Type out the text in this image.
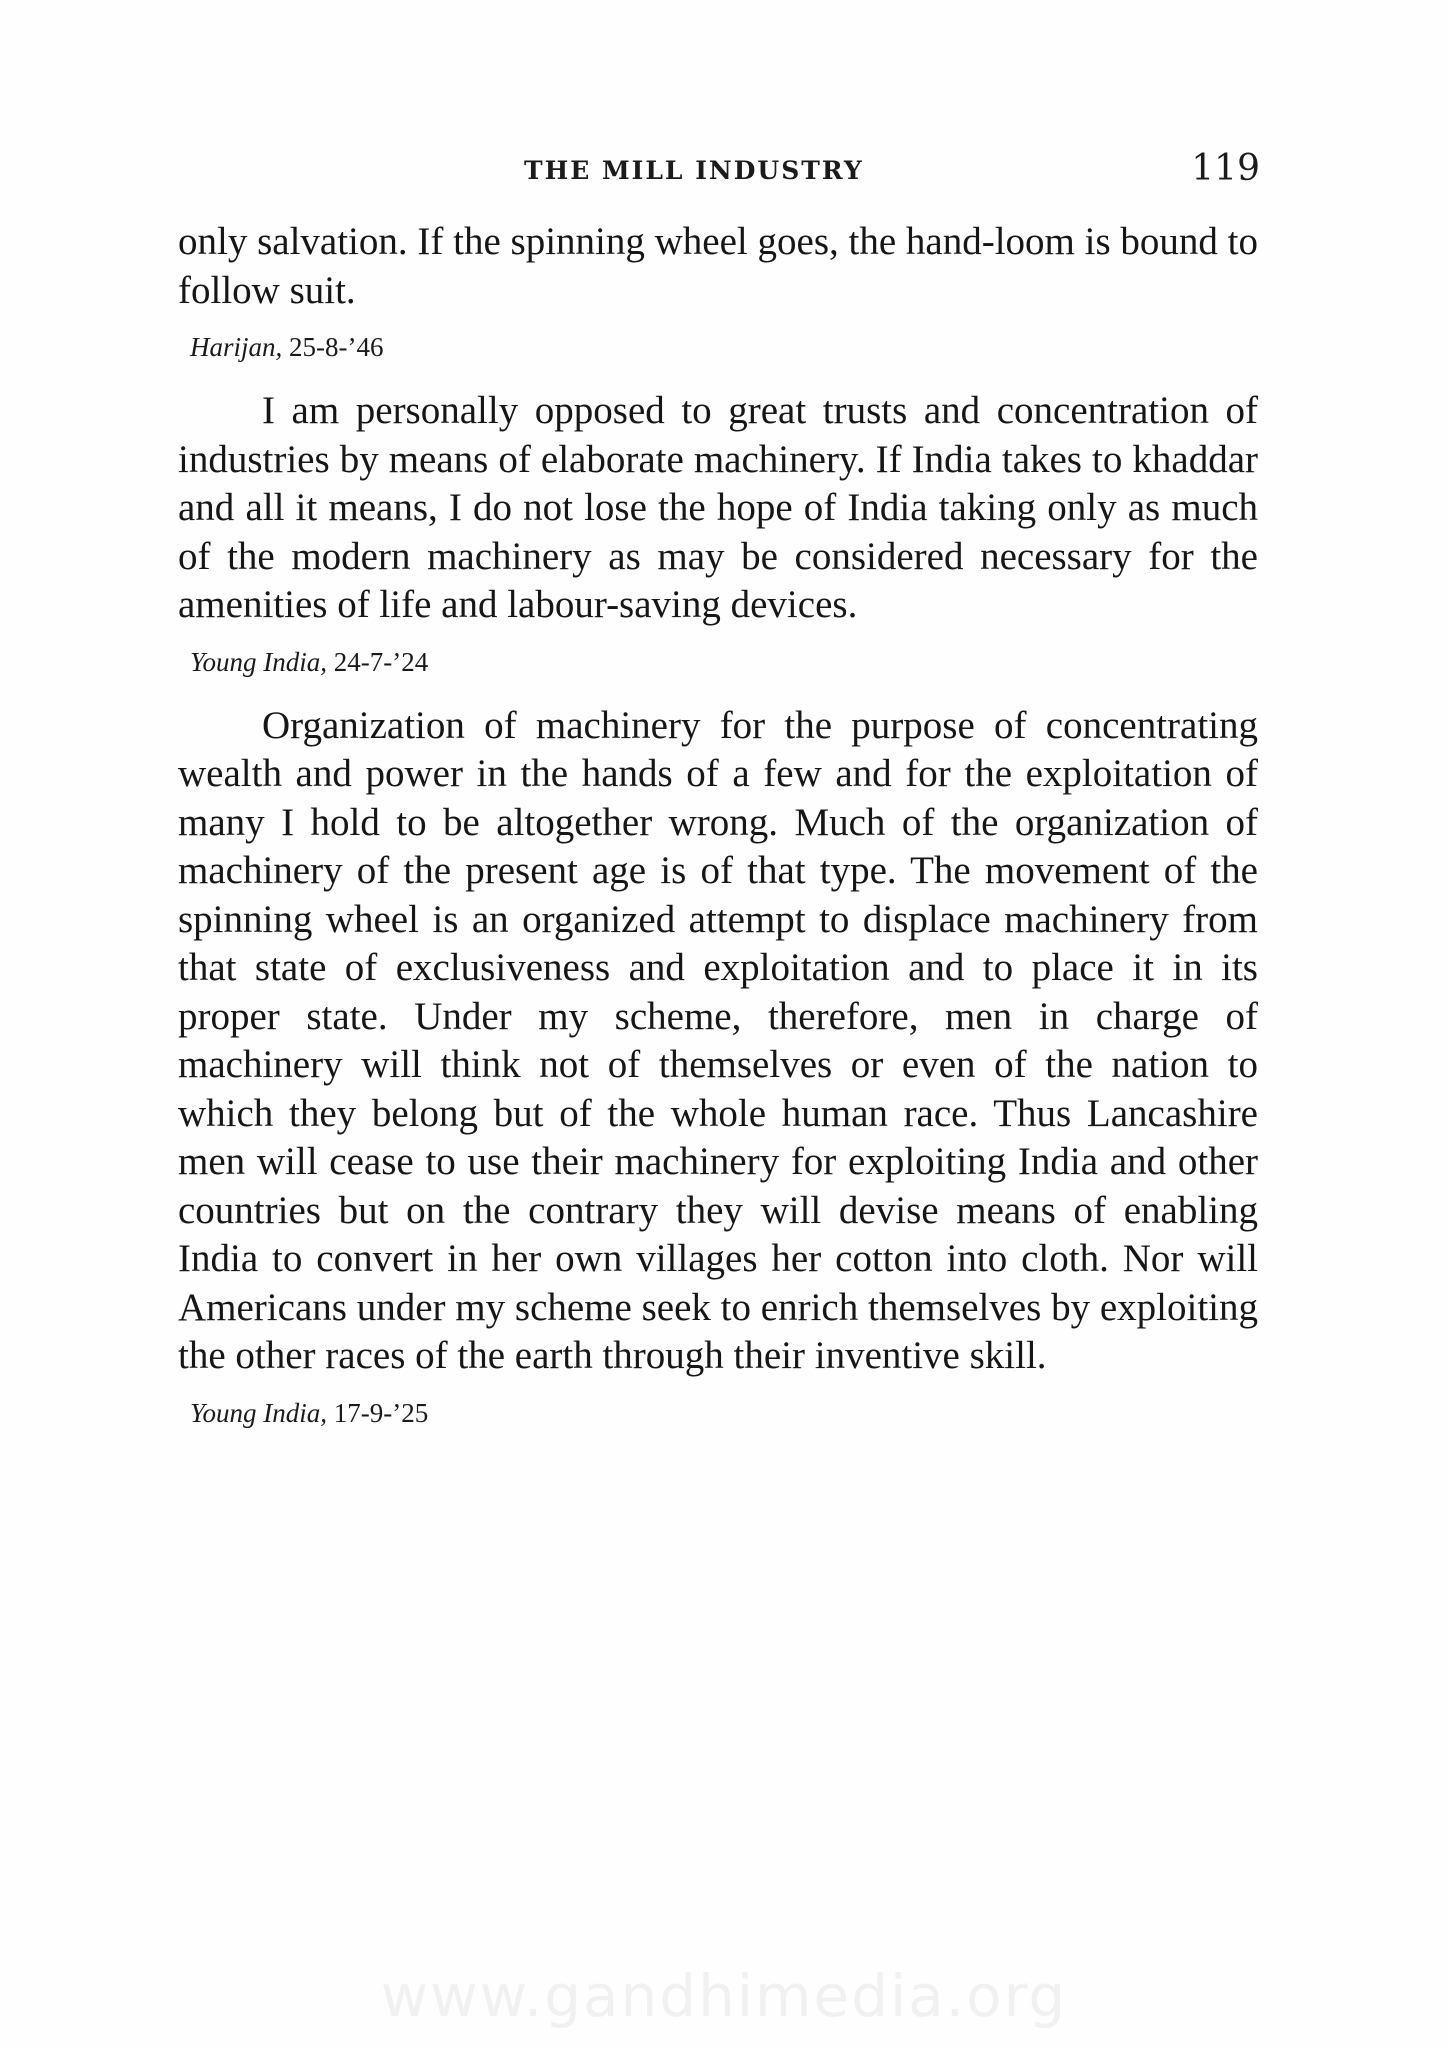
THE MILL INDUSTRY	119

only salvation. If the spinning wheel goes, the hand-loom is bound to follow suit.

Harijan, 25-8-’46

I am personally opposed to great trusts and concentration of industries by means of elaborate machinery. If India takes to khaddar and all it means, I do not lose the hope of India taking only as much of the modern machinery as may be considered necessary for the amenities of life and labour-saving devices.

Young India, 24-7-’24

Organization of machinery for the purpose of concentrating wealth and power in the hands of a few and for the exploitation of many I hold to be altogether wrong. Much of the organization of machinery of the present age is of that type. The movement of the spinning wheel is an organized attempt to displace machinery from that state of exclusiveness and exploitation and to place it in its proper state. Under my scheme, therefore, men in charge of machinery will think not of themselves or even of the nation to which they belong but of the whole human race. Thus Lancashire men will cease to use their machinery for exploiting India and other countries but on the contrary they will devise means of enabling India to convert in her own villages her cotton into cloth. Nor will Americans under my scheme seek to enrich themselves by exploiting the other races of the earth through their inventive skill.

Young India, 17-9-’25
www.gandhimedia.org
